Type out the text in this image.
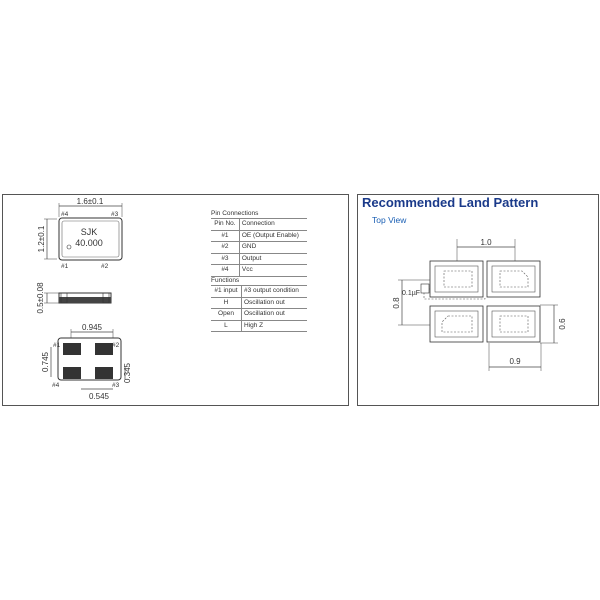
1.6±0.1
1.2±0.1	SJK
40.000
#4	#3
#1	#2
0.5±0.08
0.945
0.745
#1	#2
#4	#3
0.345
0.545
Pin Connections
Pin No.	Connection
#1	OE (Output Enable)
#2	GND
#3	Output
#4	Vcc
Functions
#1 input	#3 output condition
H	Oscillation out
Open	Oscillation out
L	High Z
Recommended Land Pattern
Top View
1.0
0.1µF
0.8
0.6
0.9
